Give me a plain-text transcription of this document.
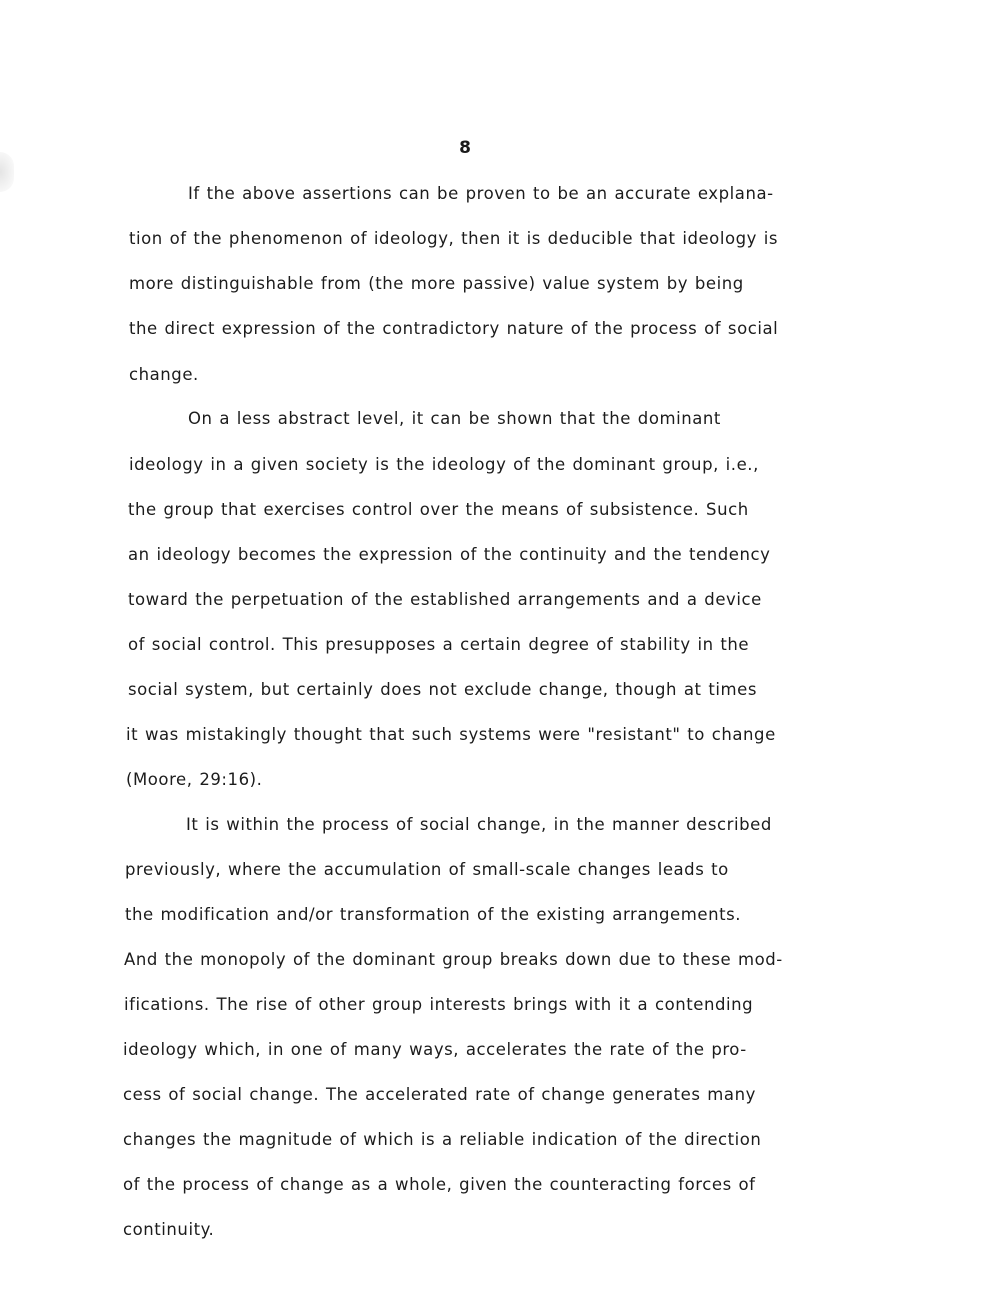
8
If the above assertions can be proven to be an accurate explana-
tion of the phenomenon of ideology, then it is deducible that ideology is
more distinguishable from (the more passive) value system by being
the direct expression of the contradictory nature of the process of social
change.
On a less abstract level, it can be shown that the dominant
ideology in a given society is the ideology of the dominant group, i.e.,
the group that exercises control over the means of subsistence. Such
an ideology becomes the expression of the continuity and the tendency
toward the perpetuation of the established arrangements and a device
of social control. This presupposes a certain degree of stability in the
social system, but certainly does not exclude change, though at times
it was mistakingly thought that such systems were "resistant" to change
(Moore, 29:16).
It is within the process of social change, in the manner described
previously, where the accumulation of small-scale changes leads to
the modification and/or transformation of the existing arrangements.
And the monopoly of the dominant group breaks down due to these mod-
ifications. The rise of other group interests brings with it a contending
ideology which, in one of many ways, accelerates the rate of the pro-
cess of social change. The accelerated rate of change generates many
changes the magnitude of which is a reliable indication of the direction
of the process of change as a whole, given the counteracting forces of
continuity.
